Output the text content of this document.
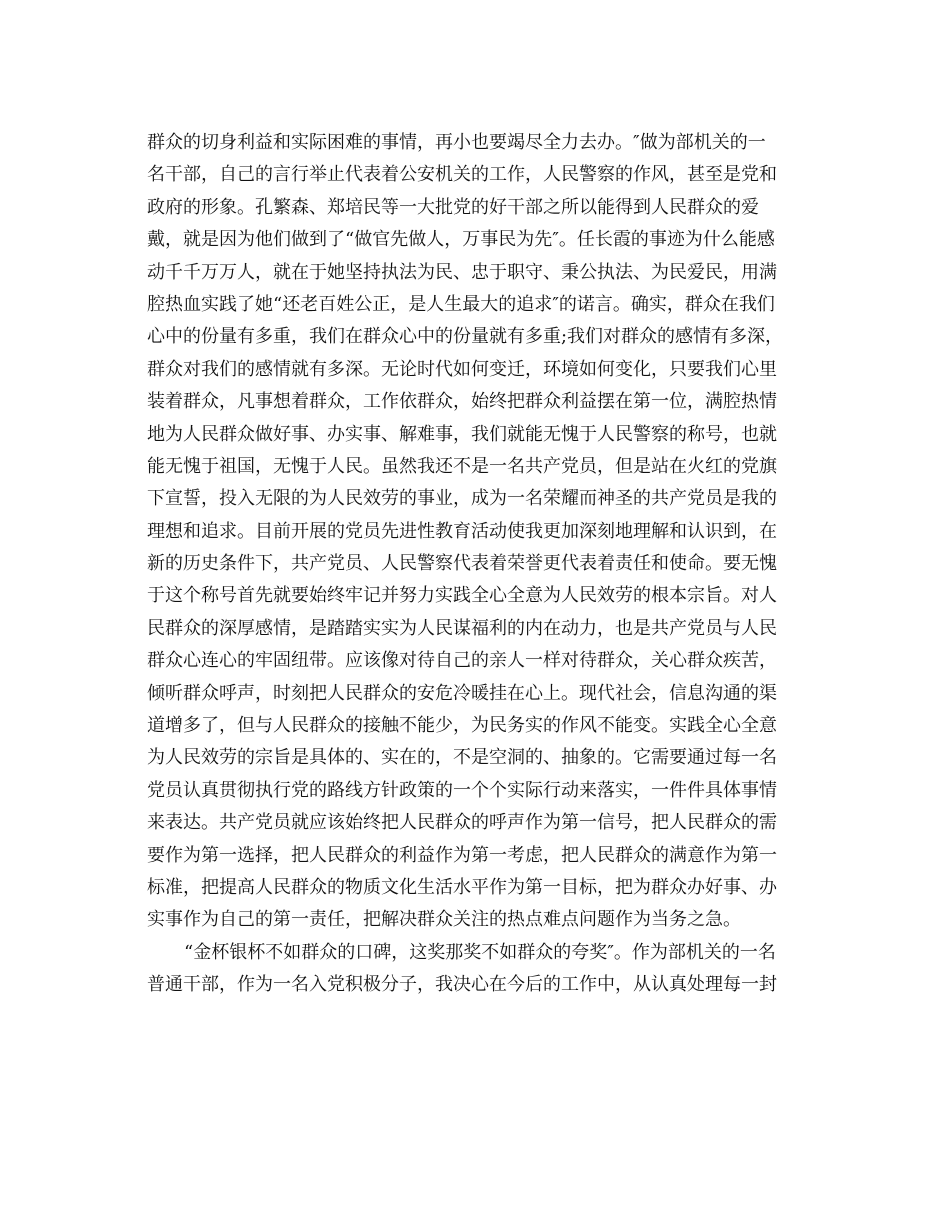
群众的切身利益和实际困难的事情，再小也要竭尽全力去办。″做为部机关的一
名干部，自己的言行举止代表着公安机关的工作，人民警察的作风，甚至是党和
政府的形象。孔繁森、郑培民等一大批党的好干部之所以能得到人民群众的爱
戴，就是因为他们做到了“做官先做人，万事民为先″。任长霞的事迹为什么能感
动千千万万人，就在于她坚持执法为民、忠于职守、秉公执法、为民爱民，用满
腔热血实践了她“还老百姓公正，是人生最大的追求″的诺言。确实，群众在我们
心中的份量有多重，我们在群众心中的份量就有多重;我们对群众的感情有多深，
群众对我们的感情就有多深。无论时代如何变迁，环境如何变化，只要我们心里
装着群众，凡事想着群众，工作依群众，始终把群众利益摆在第一位，满腔热情
地为人民群众做好事、办实事、解难事，我们就能无愧于人民警察的称号，也就
能无愧于祖国，无愧于人民。虽然我还不是一名共产党员，但是站在火红的党旗
下宣誓，投入无限的为人民效劳的事业，成为一名荣耀而神圣的共产党员是我的
理想和追求。目前开展的党员先进性教育活动使我更加深刻地理解和认识到，在
新的历史条件下，共产党员、人民警察代表着荣誉更代表着责任和使命。要无愧
于这个称号首先就要始终牢记并努力实践全心全意为人民效劳的根本宗旨。对人
民群众的深厚感情，是踏踏实实为人民谋福利的内在动力，也是共产党员与人民
群众心连心的牢固纽带。应该像对待自己的亲人一样对待群众，关心群众疾苦，
倾听群众呼声，时刻把人民群众的安危冷暖挂在心上。现代社会，信息沟通的渠
道增多了，但与人民群众的接触不能少，为民务实的作风不能变。实践全心全意
为人民效劳的宗旨是具体的、实在的，不是空洞的、抽象的。它需要通过每一名
党员认真贯彻执行党的路线方针政策的一个个实际行动来落实，一件件具体事情
来表达。共产党员就应该始终把人民群众的呼声作为第一信号，把人民群众的需
要作为第一选择，把人民群众的利益作为第一考虑，把人民群众的满意作为第一
标准，把提高人民群众的物质文化生活水平作为第一目标，把为群众办好事、办
实事作为自己的第一责任，把解决群众关注的热点难点问题作为当务之急。
“金杯银杯不如群众的口碑，这奖那奖不如群众的夸奖″。作为部机关的一名
普通干部，作为一名入党积极分子，我决心在今后的工作中，从认真处理每一封
